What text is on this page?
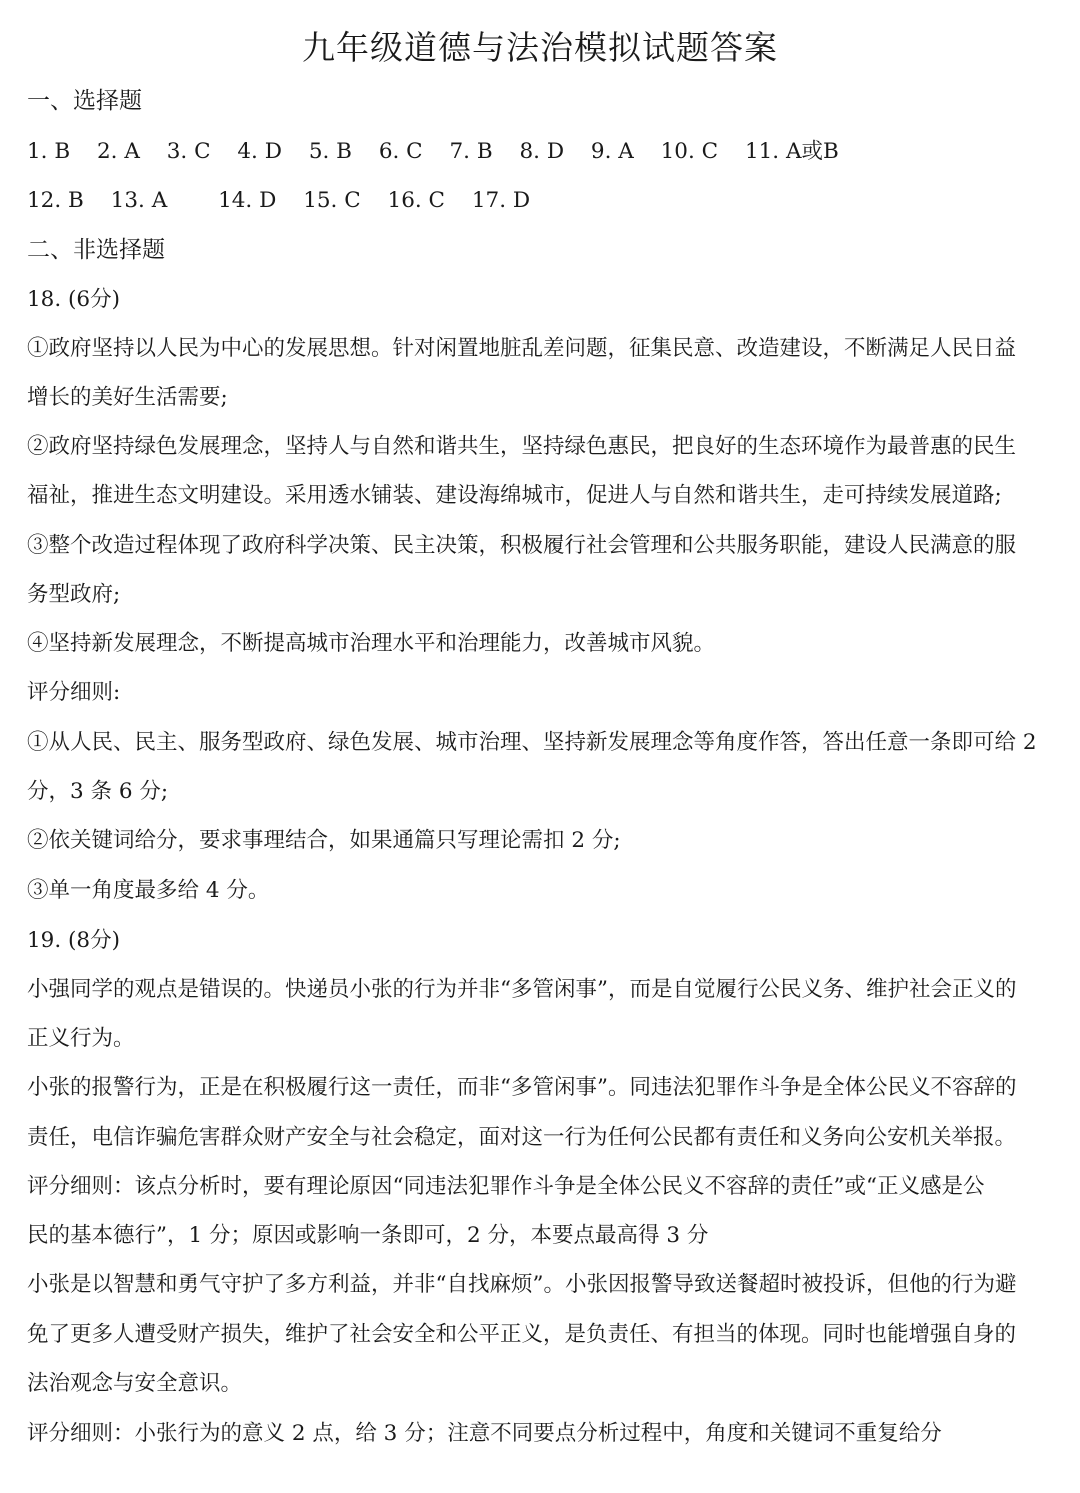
九年级道德与法治模拟试题答案
一、选择题
1. B 2. A 3. C 4. D 5. B 6. C 7. B 8. D 9. A 10. C 11. A或B
12. B 13. A 14. D 15. C 16. C 17. D
二、非选择题
18. (6分)
①政府坚持以人民为中心的发展思想。针对闲置地脏乱差问题，征集民意、改造建设，不断满足人民日益
增长的美好生活需要;
②政府坚持绿色发展理念，坚持人与自然和谐共生，坚持绿色惠民，把良好的生态环境作为最普惠的民生
福祉，推进生态文明建设。采用透水铺装、建设海绵城市，促进人与自然和谐共生，走可持续发展道路;
③整个改造过程体现了政府科学决策、民主决策，积极履行社会管理和公共服务职能，建设人民满意的服
务型政府;
④坚持新发展理念，不断提高城市治理水平和治理能力，改善城市风貌。
评分细则:
①从人民、民主、服务型政府、绿色发展、城市治理、坚持新发展理念等角度作答，答出任意一条即可给 2
分，3 条 6 分;
②依关键词给分，要求事理结合，如果通篇只写理论需扣 2 分;
③单一角度最多给 4 分。
19. (8分)
小强同学的观点是错误的。快递员小张的行为并非“多管闲事”，而是自觉履行公民义务、维护社会正义的
正义行为。
小张的报警行为，正是在积极履行这一责任，而非“多管闲事”。同违法犯罪作斗争是全体公民义不容辞的
责任，电信诈骗危害群众财产安全与社会稳定，面对这一行为任何公民都有责任和义务向公安机关举报。
评分细则：该点分析时，要有理论原因“同违法犯罪作斗争是全体公民义不容辞的责任”或“正义感是公
民的基本德行”，1 分；原因或影响一条即可，2 分，本要点最高得 3 分
小张是以智慧和勇气守护了多方利益，并非“自找麻烦”。小张因报警导致送餐超时被投诉，但他的行为避
免了更多人遭受财产损失，维护了社会安全和公平正义，是负责任、有担当的体现。同时也能增强自身的
法治观念与安全意识。
评分细则：小张行为的意义 2 点，给 3 分；注意不同要点分析过程中，角度和关键词不重复给分
